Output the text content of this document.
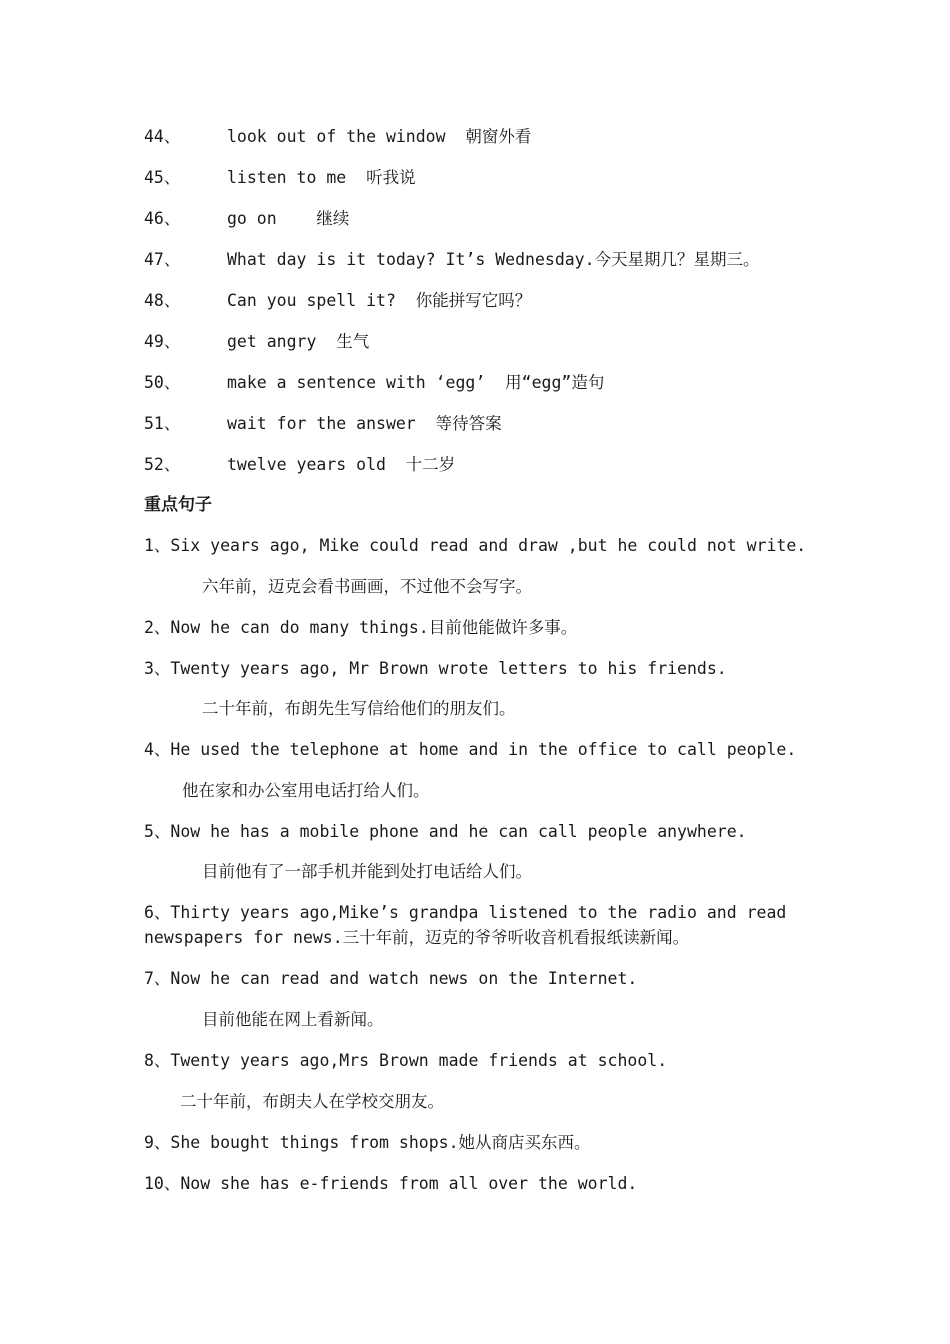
44、	look out of the window  朝窗外看
45、	listen to me  听我说
46、	go on    继续
47、	What day is it today? It’s Wednesday.今天星期几？星期三。
48、	Can you spell it?  你能拼写它吗？
49、	get angry  生气
50、	make a sentence with ‘egg’  用“egg”造句
51、	wait for the answer  等待答案
52、	twelve years old  十二岁
重点句子
1、Six years ago, Mike could read and draw ,but he could not write.
六年前，迈克会看书画画，不过他不会写字。
2、Now he can do many things.目前他能做许多事。
3、Twenty years ago, Mr Brown wrote letters to his friends.
二十年前，布朗先生写信给他们的朋友们。
4、He used the telephone at home and in the office to call people.
他在家和办公室用电话打给人们。
5、Now he has a mobile phone and he can call people anywhere.
目前他有了一部手机并能到处打电话给人们。
6、Thirty years ago,Mike’s grandpa listened to the radio and read
newspapers for news.三十年前，迈克的爷爷听收音机看报纸读新闻。
7、Now he can read and watch news on the Internet.
目前他能在网上看新闻。
8、Twenty years ago,Mrs Brown made friends at school.
二十年前，布朗夫人在学校交朋友。
9、She bought things from shops.她从商店买东西。
10、Now she has e-friends from all over the world.
